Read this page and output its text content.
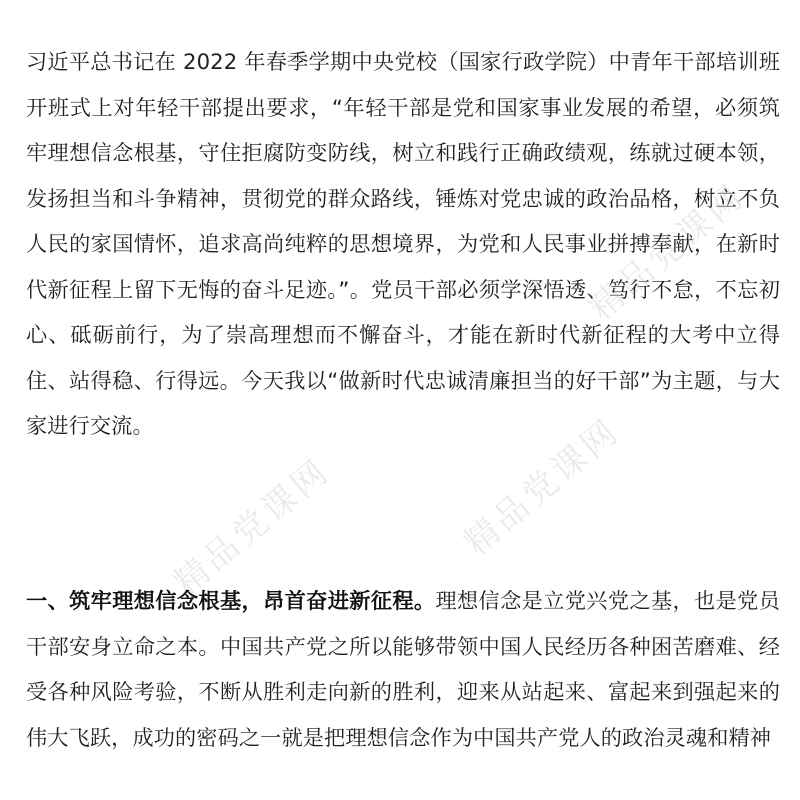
习近平总书记在 2022 年春季学期中央党校（国家行政学院）中青年干部培训班开班式上对年轻干部提出要求，“年轻干部是党和国家事业发展的希望，必须筑牢理想信念根基，守住拒腐防变防线，树立和践行正确政绩观，练就过硬本领，发扬担当和斗争精神，贯彻党的群众路线，锤炼对党忠诚的政治品格，树立不负人民的家国情怀，追求高尚纯粹的思想境界，为党和人民事业拼搏奉献，在新时代新征程上留下无悔的奋斗足迹。”。党员干部必须学深悟透、笃行不怠，不忘初心、砥砺前行，为了崇高理想而不懈奋斗，才能在新时代新征程的大考中立得住、站得稳、行得远。今天我以“做新时代忠诚清廉担当的好干部”为主题，与大家进行交流。

一、筑牢理想信念根基，昂首奋进新征程。理想信念是立党兴党之基，也是党员干部安身立命之本。中国共产党之所以能够带领中国人民经历各种困苦磨难、经受各种风险考验，不断从胜利走向新的胜利，迎来从站起来、富起来到强起来的伟大飞跃，成功的密码之一就是把理想信念作为中国共产党人的政治灵魂和精神

精品党课网	精品党课网
精品党课网
